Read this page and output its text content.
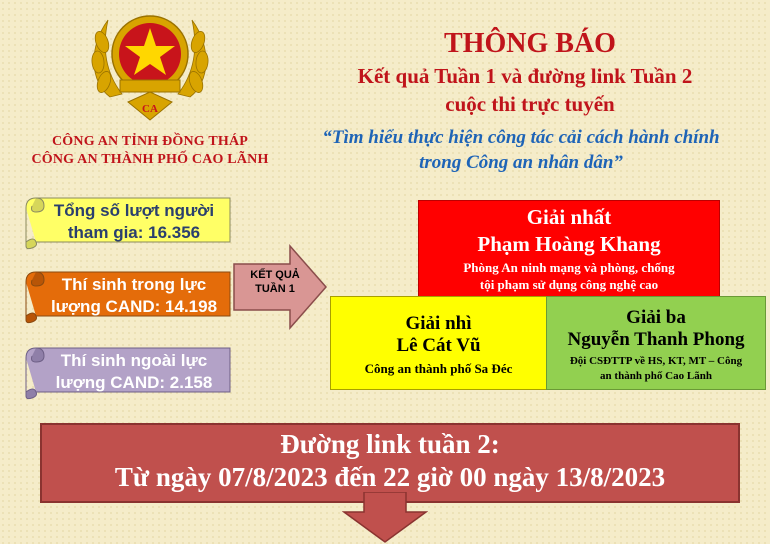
CA
CÔNG AN TỈNH ĐỒNG THÁP
CÔNG AN THÀNH PHỐ CAO LÃNH
THÔNG BÁO
Kết quả Tuần 1 và đường link Tuần 2
cuộc thi trực tuyến
“Tìm hiểu thực hiện công tác cải cách hành chính
trong Công an nhân dân”
Tổng số lượt người
tham gia: 16.356
Thí sinh trong lực
lượng CAND: 14.198
Thí sinh ngoài lực
lượng CAND: 2.158
KẾT QUẢ
TUẦN 1
Giải nhất
Phạm Hoàng Khang
Phòng An ninh mạng và phòng, chống
tội phạm sử dụng công nghệ cao
Giải nhì
Lê Cát Vũ
Công an thành phố Sa Đéc
Giải ba
Nguyễn Thanh Phong
Đội CSĐTTP về HS, KT, MT – Công
an thành phố Cao Lãnh
Đường link tuần 2:
Từ ngày 07/8/2023 đến 22 giờ 00 ngày 13/8/2023
